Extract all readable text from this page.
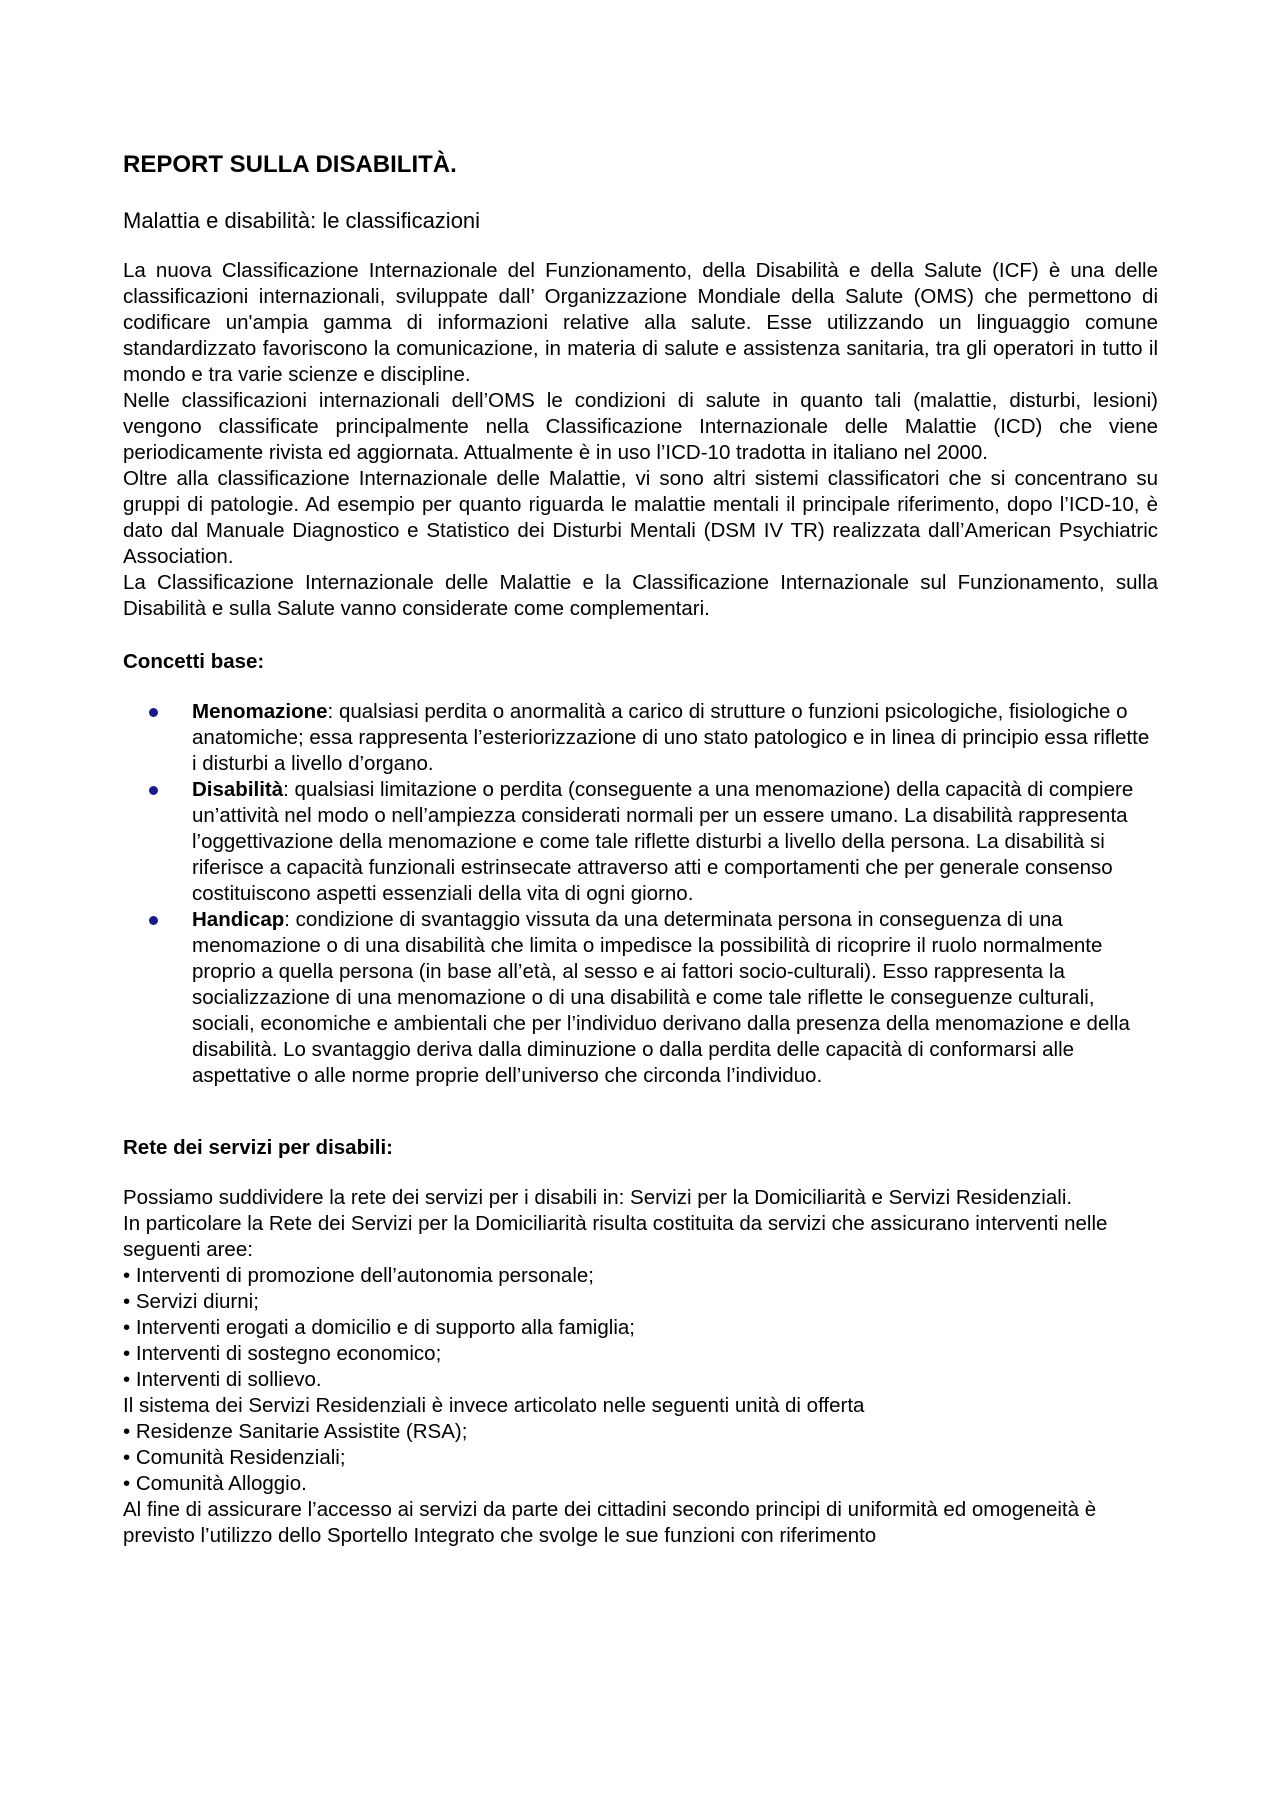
REPORT SULLA DISABILITÀ.
Malattia e disabilità: le classificazioni

La nuova Classificazione Internazionale del Funzionamento, della Disabilità e della Salute (ICF) è una delle classificazioni internazionali, sviluppate dall’ Organizzazione Mondiale della Salute (OMS) che permettono di codificare un'ampia gamma di informazioni relative alla salute. Esse utilizzando un linguaggio comune standardizzato favoriscono la comunicazione, in materia di salute e assistenza sanitaria, tra gli operatori in tutto il mondo e tra varie scienze e discipline.

Nelle classificazioni internazionali dell’OMS le condizioni di salute in quanto tali (malattie, disturbi, lesioni) vengono classificate principalmente nella Classificazione Internazionale delle Malattie (ICD) che viene periodicamente rivista ed aggiornata. Attualmente è in uso l’ICD-10 tradotta in italiano nel 2000.

Oltre alla classificazione Internazionale delle Malattie, vi sono altri sistemi classificatori che si concentrano su gruppi di patologie. Ad esempio per quanto riguarda le malattie mentali il principale riferimento, dopo l’ICD-10, è dato dal Manuale Diagnostico e Statistico dei Disturbi Mentali (DSM IV TR) realizzata dall’American Psychiatric Association.

La Classificazione Internazionale delle Malattie e la Classificazione Internazionale sul Funzionamento, sulla Disabilità e sulla Salute vanno considerate come complementari.

Concetti base:
Menomazione: qualsiasi perdita o anormalità a carico di strutture o funzioni psicologiche, fisiologiche o anatomiche; essa rappresenta l’esteriorizzazione di uno stato patologico e in linea di principio essa riflette i disturbi a livello d’organo.
Disabilità: qualsiasi limitazione o perdita (conseguente a una menomazione) della capacità di compiere un’attività nel modo o nell’ampiezza considerati normali per un essere umano. La disabilità rappresenta l’oggettivazione della menomazione e come tale riflette disturbi a livello della persona. La disabilità si riferisce a capacità funzionali estrinsecate attraverso atti e comportamenti che per generale consenso costituiscono aspetti essenziali della vita di ogni giorno.
Handicap: condizione di svantaggio vissuta da una determinata persona in conseguenza di una menomazione o di una disabilità che limita o impedisce la possibilità di ricoprire il ruolo normalmente proprio a quella persona (in base all’età, al sesso e ai fattori socio-culturali). Esso rappresenta la socializzazione di una menomazione o di una disabilità e come tale riflette le conseguenze culturali, sociali, economiche e ambientali che per l’individuo derivano dalla presenza della menomazione e della disabilità. Lo svantaggio deriva dalla diminuzione o dalla perdita delle capacità di conformarsi alle aspettative o alle norme proprie dell’universo che circonda l’individuo.
Rete dei servizi per disabili:

Possiamo suddividere la rete dei servizi per i disabili in: Servizi per la Domiciliarità e Servizi Residenziali.

In particolare la Rete dei Servizi per la Domiciliarità risulta costituita da servizi che assicurano interventi nelle seguenti aree:

• Interventi di promozione dell’autonomia personale;

• Servizi diurni;

• Interventi erogati a domicilio e di supporto alla famiglia;

• Interventi di sostegno economico;

• Interventi di sollievo.

Il sistema dei Servizi Residenziali è invece articolato nelle seguenti unità di offerta

• Residenze Sanitarie Assistite (RSA);

• Comunità Residenziali;

• Comunità Alloggio.

Al fine di assicurare l’accesso ai servizi da parte dei cittadini secondo principi di uniformità ed omogeneità è previsto l’utilizzo dello Sportello Integrato che svolge le sue funzioni con riferimento
